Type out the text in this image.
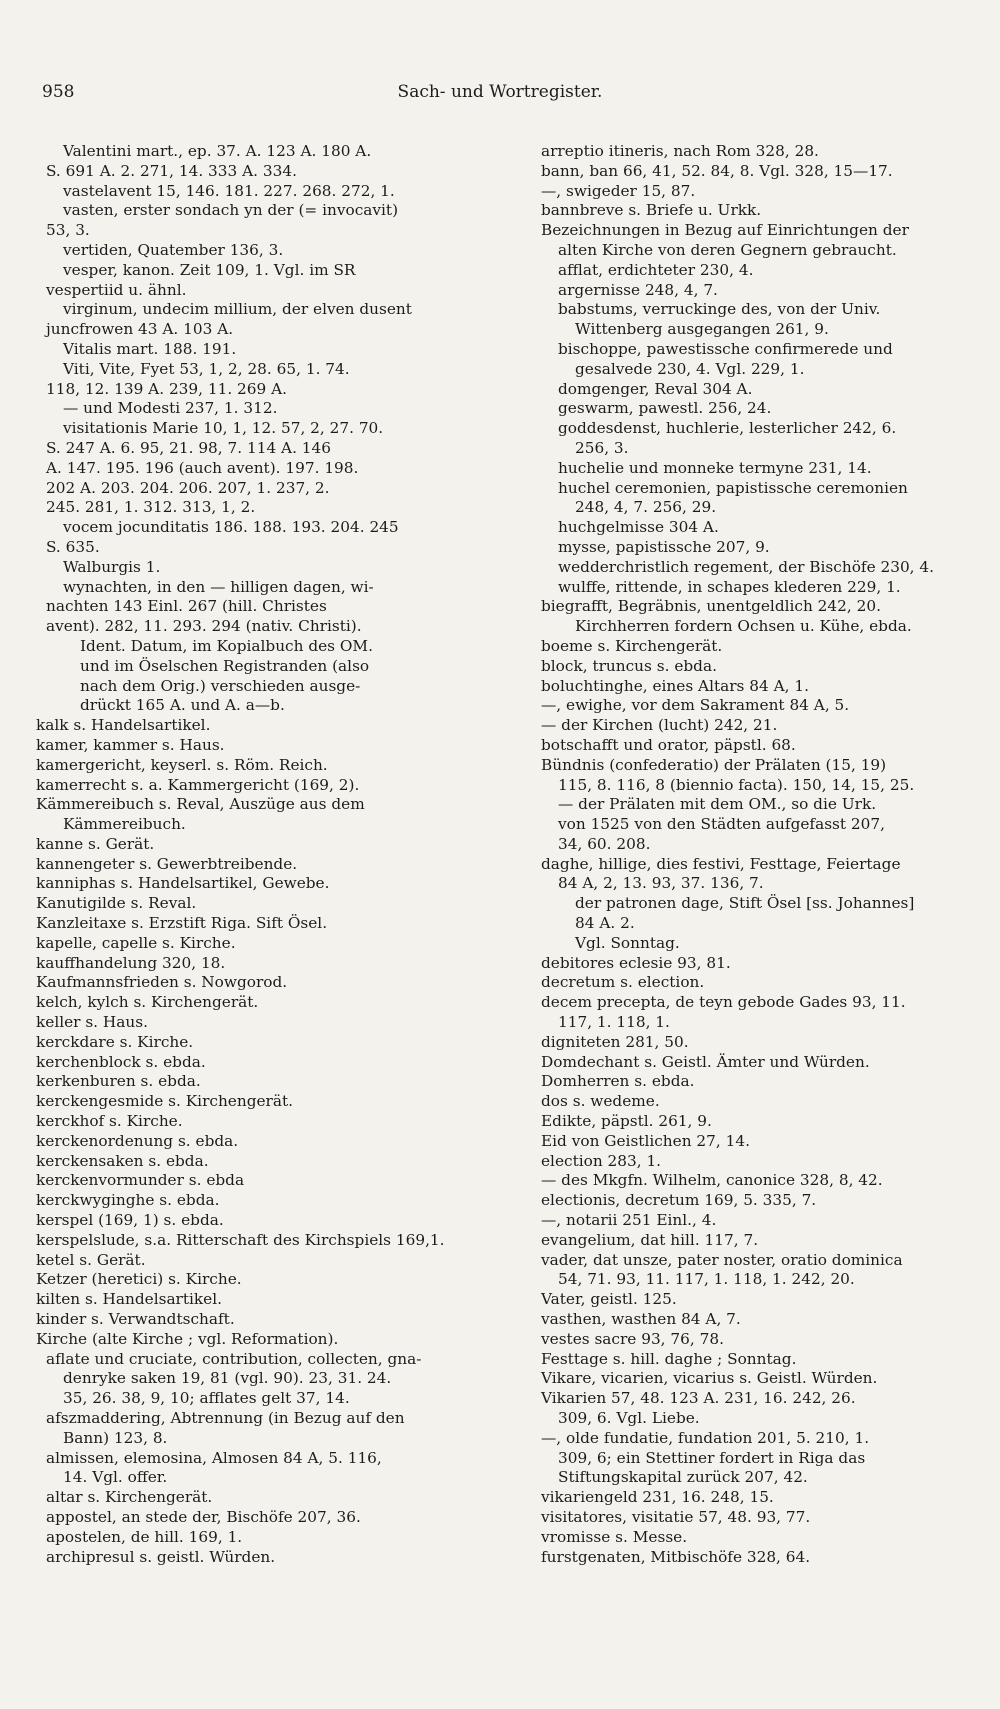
958	Sach- und Wortregister.

Valentini mart., ep. 37. A. 123 A. 180 A.

S. 691 A. 2. 271, 14. 333 A. 334.

vastelavent 15, 146. 181. 227. 268. 272, 1.

vasten, erster sondach yn der (= invocavit)

53, 3.

vertiden, Quatember 136, 3.

vesper, kanon. Zeit 109, 1. Vgl. im SR

vespertiid u. ähnl.

virginum, undecim millium, der elven dusent

juncfrowen 43 A. 103 A.

Vitalis mart. 188. 191.

Viti, Vite, Fyet 53, 1, 2, 28. 65, 1. 74.

118, 12. 139 A. 239, 11. 269 A.

— und Modesti 237, 1. 312.

visitationis Marie 10, 1, 12. 57, 2, 27. 70.

S. 247 A. 6. 95, 21. 98, 7. 114 A. 146

A. 147. 195. 196 (auch avent). 197. 198.

202 A. 203. 204. 206. 207, 1. 237, 2.

245. 281, 1. 312. 313, 1, 2.

vocem jocunditatis 186. 188. 193. 204. 245

S. 635.

Walburgis 1.

wynachten, in den — hilligen dagen, wi-

nachten 143 Einl. 267 (hill. Christes

avent). 282, 11. 293. 294 (nativ. Christi).

Ident. Datum, im Kopialbuch des OM.

und im Öselschen Registranden (also

nach dem Orig.) verschieden ausge-

drückt 165 A. und A. a—b.

kalk s. Handelsartikel.

kamer, kammer s. Haus.

kamergericht, keyserl. s. Röm. Reich.

kamerrecht s. a. Kammergericht (169, 2).

Kämmereibuch s. Reval, Auszüge aus dem

Kämmereibuch.

kanne s. Gerät.

kannengeter s. Gewerbtreibende.

kanniphas s. Handelsartikel, Gewebe.

Kanutigilde s. Reval.

Kanzleitaxe s. Erzstift Riga. Sift Ösel.

kapelle, capelle s. Kirche.

kauffhandelung 320, 18.

Kaufmannsfrieden s. Nowgorod.

kelch, kylch s. Kirchengerät.

keller s. Haus.

kerckdare s. Kirche.

kerchenblock s. ebda.

kerkenburen s. ebda.

kerckengesmide s. Kirchengerät.

kerckhof s. Kirche.

kerckenordenung s. ebda.

kerckensaken s. ebda.

kerckenvormunder s. ebda

kerckwyginghe s. ebda.

kerspel (169, 1) s. ebda.

kerspelslude, s.a. Ritterschaft des Kirchspiels 169,1.

ketel s. Gerät.

Ketzer (heretici) s. Kirche.

kilten s. Handelsartikel.

kinder s. Verwandtschaft.

Kirche (alte Kirche ; vgl. Reformation).

aflate und cruciate, contribution, collecten, gna-

denryke saken 19, 81 (vgl. 90). 23, 31. 24.

35, 26. 38, 9, 10; afflates gelt 37, 14.

afszmaddering, Abtrennung (in Bezug auf den

Bann) 123, 8.

almissen, elemosina, Almosen 84 A, 5. 116,

14. Vgl. offer.

altar s. Kirchengerät.

appostel, an stede der, Bischöfe 207, 36.

apostelen, de hill. 169, 1.

archipresul s. geistl. Würden.

arreptio itineris, nach Rom 328, 28.

bann, ban 66, 41, 52. 84, 8. Vgl. 328, 15—17.

—, swigeder 15, 87.

bannbreve s. Briefe u. Urkk.

Bezeichnungen in Bezug auf Einrichtungen der

alten Kirche von deren Gegnern gebraucht.

afflat, erdichteter 230, 4.

argernisse 248, 4, 7.

babstums, verruckinge des, von der Univ.

Wittenberg ausgegangen 261, 9.

bischoppe, pawestissche confirmerede und

gesalvede 230, 4. Vgl. 229, 1.

domgenger, Reval 304 A.

geswarm, pawestl. 256, 24.

goddesdenst, huchlerie, lesterlicher 242, 6.

256, 3.

huchelie und monneke termyne 231, 14.

huchel ceremonien, papistissche ceremonien

248, 4, 7. 256, 29.

huchgelmisse 304 A.

mysse, papistissche 207, 9.

wedderchristlich regement, der Bischöfe 230, 4.

wulffe, rittende, in schapes klederen 229, 1.

biegrafft, Begräbnis, unentgeldlich 242, 20.

Kirchherren fordern Ochsen u. Kühe, ebda.

boeme s. Kirchengerät.

block, truncus s. ebda.

boluchtinghe, eines Altars 84 A, 1.

—, ewighe, vor dem Sakrament 84 A, 5.

— der Kirchen (lucht) 242, 21.

botschafft und orator, päpstl. 68.

Bündnis (confederatio) der Prälaten (15, 19)

115, 8. 116, 8 (biennio facta). 150, 14, 15, 25.

— der Prälaten mit dem OM., so die Urk.

von 1525 von den Städten aufgefasst 207,

34, 60. 208.

daghe, hillige, dies festivi, Festtage, Feiertage

84 A, 2, 13. 93, 37. 136, 7.

der patronen dage, Stift Ösel [ss. Johannes]

84 A. 2.

Vgl. Sonntag.

debitores eclesie 93, 81.

decretum s. election.

decem precepta, de teyn gebode Gades 93, 11.

117, 1. 118, 1.

digniteten 281, 50.

Domdechant s. Geistl. Ämter und Würden.

Domherren s. ebda.

dos s. wedeme.

Edikte, päpstl. 261, 9.

Eid von Geistlichen 27, 14.

election 283, 1.

— des Mkgfn. Wilhelm, canonice 328, 8, 42.

electionis, decretum 169, 5. 335, 7.

—, notarii 251 Einl., 4.

evangelium, dat hill. 117, 7.

vader, dat unsze, pater noster, oratio dominica

54, 71. 93, 11. 117, 1. 118, 1. 242, 20.

Vater, geistl. 125.

vasthen, wasthen 84 A, 7.

vestes sacre 93, 76, 78.

Festtage s. hill. daghe ; Sonntag.

Vikare, vicarien, vicarius s. Geistl. Würden.

Vikarien 57, 48. 123 A. 231, 16. 242, 26.

309, 6. Vgl. Liebe.

—, olde fundatie, fundation 201, 5. 210, 1.

309, 6; ein Stettiner fordert in Riga das

Stiftungskapital zurück 207, 42.

vikariengeld 231, 16. 248, 15.

visitatores, visitatie 57, 48. 93, 77.

vromisse s. Messe.

furstgenaten, Mitbischöfe 328, 64.
